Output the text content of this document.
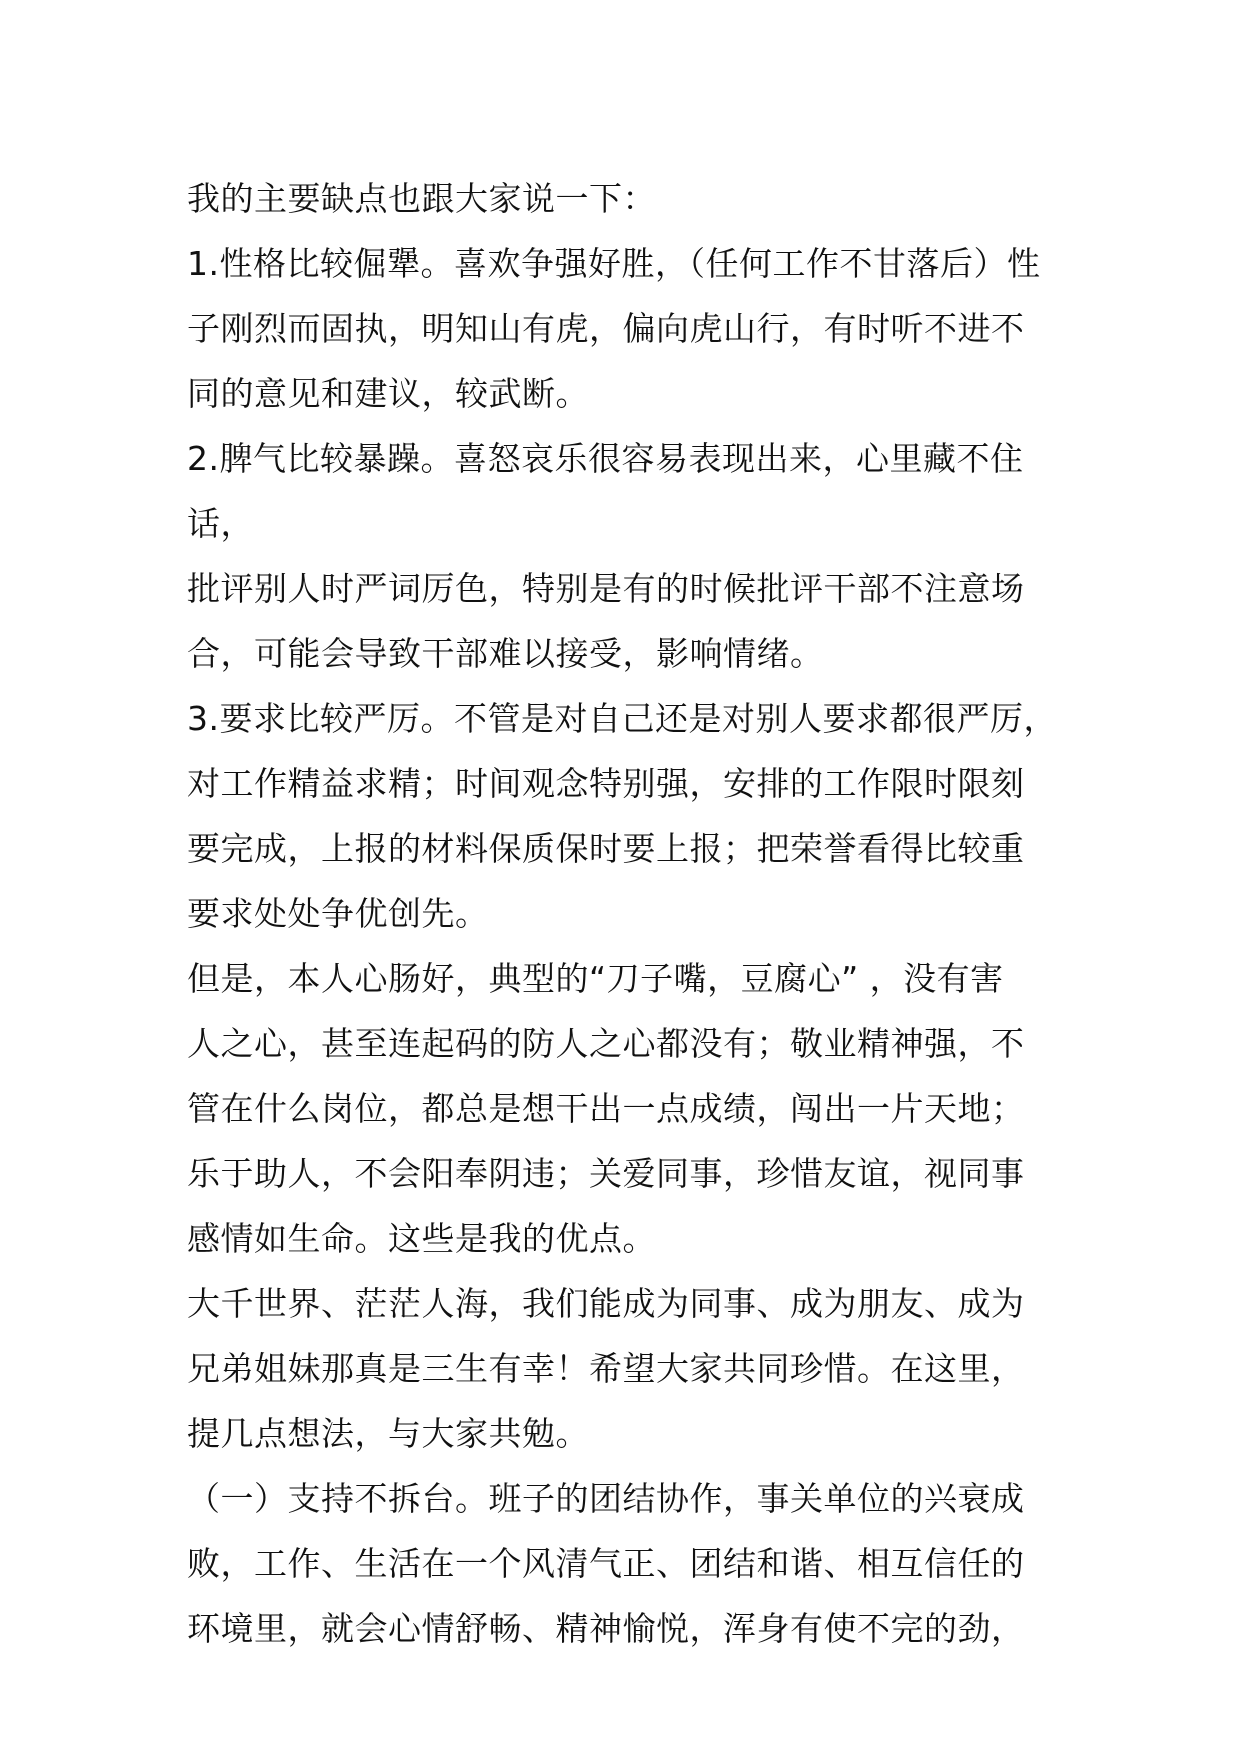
我的主要缺点也跟大家说一下：

1.性格比较倔犟。喜欢争强好胜，（任何工作不甘落后）性
子刚烈而固执，明知山有虎，偏向虎山行，有时听不进不
同的意见和建议，较武断。

2.脾气比较暴躁。喜怒哀乐很容易表现出来，心里藏不住话，
批评别人时严词厉色，特别是有的时候批评干部不注意场
合，可能会导致干部难以接受，影响情绪。

3.要求比较严厉。不管是对自己还是对别人要求都很严厉，
对工作精益求精；时间观念特别强，安排的工作限时限刻
要完成，上报的材料保质保时要上报；把荣誉看得比较重
要求处处争优创先。

但是，本人心肠好，典型的“刀子嘴，豆腐心” ，没有害
人之心，甚至连起码的防人之心都没有；敬业精神强，不
管在什么岗位，都总是想干出一点成绩，闯出一片天地；
乐于助人，不会阳奉阴违；关爱同事，珍惜友谊，视同事
感情如生命。这些是我的优点。

大千世界、茫茫人海，我们能成为同事、成为朋友、成为
兄弟姐妹那真是三生有幸！希望大家共同珍惜。在这里，
提几点想法，与大家共勉。

（一）支持不拆台。班子的团结协作，事关单位的兴衰成
败，工作、生活在一个风清气正、团结和谐、相互信任的
环境里，就会心情舒畅、精神愉悦，浑身有使不完的劲，
